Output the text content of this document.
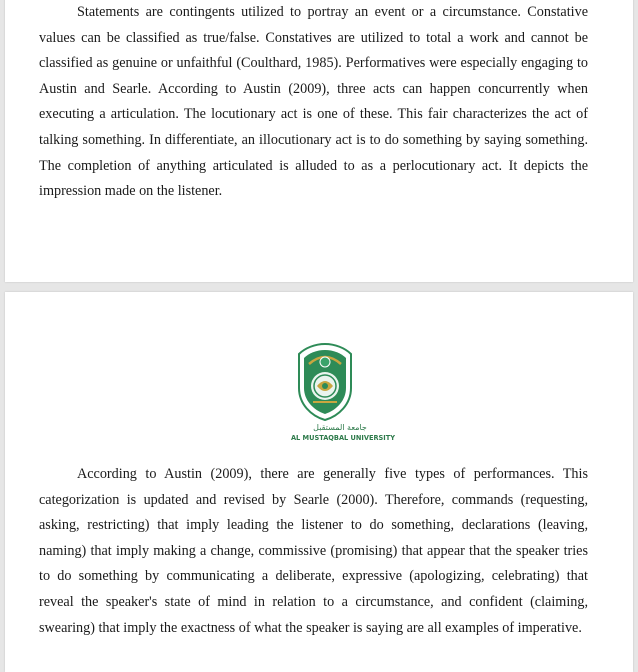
Statements are contingents utilized to portray an event or a circumstance. Constative values can be classified as true/false. Constatives are utilized to total a work and cannot be classified as genuine or unfaithful (Coulthard, 1985). Performatives were especially engaging to Austin and Searle. According to Austin (2009), three acts can happen concurrently when executing a articulation. The locutionary act is one of these. This fair characterizes the act of talking something. In differentiate, an illocutionary act is to do something by saying something. The completion of anything articulated is alluded to as a perlocutionary act. It depicts the impression made on the listener.

جامعة المستقبل
AL MUSTAQBAL UNIVERSITY

According to Austin (2009), there are generally five types of performances. This categorization is updated and revised by Searle (2000). Therefore, commands (requesting, asking, restricting) that imply leading the listener to do something, declarations (leaving, naming) that imply making a change, commissive (promising) that appear that the speaker tries to do something by communicating a deliberate, expressive (apologizing, celebrating) that reveal the speaker's state of mind in relation to a circumstance, and confident (claiming, swearing) that imply the exactness of what the speaker is saying are all examples of imperative.
